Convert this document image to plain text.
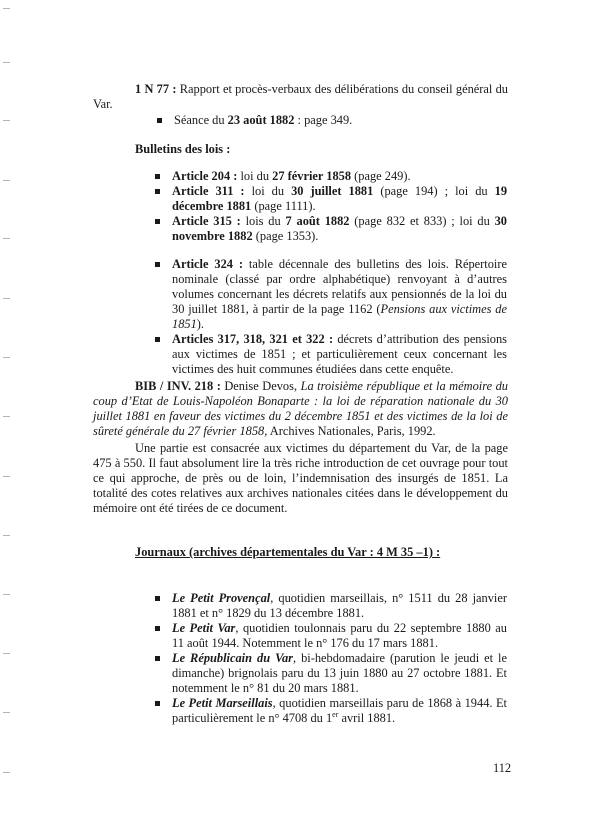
1 N 77 : Rapport et procès-verbaux des délibérations du conseil général du Var.

Séance du 23 août 1882 : page 349.
Bulletins des lois :
Article 204 : loi du 27 février 1858 (page 249).
Article 311 : loi du 30 juillet 1881 (page 194) ; loi du 19 décembre 1881 (page 1111).
Article 315 : lois du 7 août 1882 (page 832 et 833) ; loi du 30 novembre 1882 (page 1353).
Article 324 : table décennale des bulletins des lois. Répertoire nominale (classé par ordre alphabétique) renvoyant à d’autres volumes concernant les décrets relatifs aux pensionnés de la loi du 30 juillet 1881, à partir de la page 1162 (Pensions aux victimes de 1851).
Articles 317, 318, 321 et 322 : décrets d’attribution des pensions aux victimes de 1851 ; et particulièrement ceux concernant les victimes des huit communes étudiées dans cette enquête.

BIB / INV. 218 : Denise Devos, La troisième république et la mémoire du coup d’Etat de Louis-Napoléon Bonaparte : la loi de réparation nationale du 30 juillet 1881 en faveur des victimes du 2 décembre 1851 et des victimes de la loi de sûreté générale du 27 février 1858, Archives Nationales, Paris, 1992.

Une partie est consacrée aux victimes du département du Var, de la page 475 à 550. Il faut absolument lire la très riche introduction de cet ouvrage pour tout ce qui approche, de près ou de loin, l’indemnisation des insurgés de 1851. La totalité des cotes relatives aux archives nationales citées dans le développement du mémoire ont été tirées de ce document.

Journaux (archives départementales du Var : 4 M 35 –1) :
Le Petit Provençal, quotidien marseillais, n° 1511 du 28 janvier 1881 et n° 1829 du 13 décembre 1881.
Le Petit Var, quotidien toulonnais paru du 22 septembre 1880 au 11 août 1944. Notemment le n° 176 du 17 mars 1881.
Le Républicain du Var, bi-hebdomadaire (parution le jeudi et le dimanche) brignolais paru du 13 juin 1880 au 27 octobre 1881. Et notemment le n° 81 du 20 mars 1881.
Le Petit Marseillais, quotidien marseillais paru de 1868 à 1944. Et particulièrement le n° 4708 du 1er avril 1881.
112
